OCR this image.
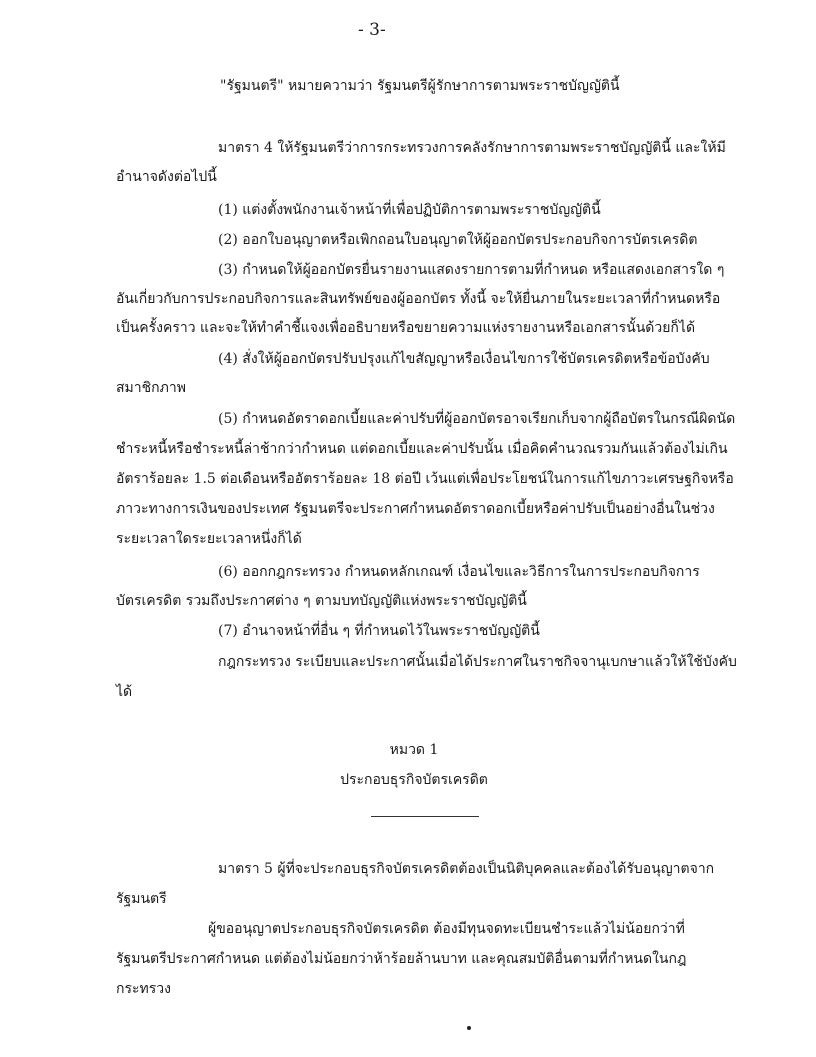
- 3-
"รัฐมนตรี" หมายความว่า รัฐมนตรีผู้รักษาการตามพระราชบัญญัตินี้
มาตรา 4 ให้รัฐมนตรีว่าการกระทรวงการคลังรักษาการตามพระราชบัญญัตินี้ และให้มี
อำนาจดังต่อไปนี้
(1) แต่งตั้งพนักงานเจ้าหน้าที่เพื่อปฏิบัติการตามพระราชบัญญัตินี้
(2) ออกใบอนุญาตหรือเพิกถอนใบอนุญาตให้ผู้ออกบัตรประกอบกิจการบัตรเครดิต
(3) กำหนดให้ผู้ออกบัตรยื่นรายงานแสดงรายการตามที่กำหนด หรือแสดงเอกสารใด ๆ
อันเกี่ยวกับการประกอบกิจการและสินทรัพย์ของผู้ออกบัตร ทั้งนี้ จะให้ยื่นภายในระยะเวลาที่กำหนดหรือ
เป็นครั้งคราว และจะให้ทำคำชี้แจงเพื่ออธิบายหรือขยายความแห่งรายงานหรือเอกสารนั้นด้วยก็ได้
(4) สั่งให้ผู้ออกบัตรปรับปรุงแก้ไขสัญญาหรือเงื่อนไขการใช้บัตรเครดิตหรือข้อบังคับ
สมาชิกภาพ
(5) กำหนดอัตราดอกเบี้ยและค่าปรับที่ผู้ออกบัตรอาจเรียกเก็บจากผู้ถือบัตรในกรณีผิดนัด
ชำระหนี้หรือชำระหนี้ล่าช้ากว่ากำหนด แต่ดอกเบี้ยและค่าปรับนั้น เมื่อคิดคำนวณรวมกันแล้วต้องไม่เกิน
อัตราร้อยละ 1.5 ต่อเดือนหรืออัตราร้อยละ 18 ต่อปี เว้นแต่เพื่อประโยชน์ในการแก้ไขภาวะเศรษฐกิจหรือ
ภาวะทางการเงินของประเทศ รัฐมนตรีจะประกาศกำหนดอัตราดอกเบี้ยหรือค่าปรับเป็นอย่างอื่นในช่วง
ระยะเวลาใดระยะเวลาหนึ่งก็ได้
(6) ออกกฎกระทรวง กำหนดหลักเกณฑ์ เงื่อนไขและวิธีการในการประกอบกิจการ
บัตรเครดิต รวมถึงประกาศต่าง ๆ ตามบทบัญญัติแห่งพระราชบัญญัตินี้
(7) อำนาจหน้าที่อื่น ๆ ที่กำหนดไว้ในพระราชบัญญัตินี้
กฎกระทรวง ระเบียบและประกาศนั้นเมื่อได้ประกาศในราชกิจจานุเบกษาแล้วให้ใช้บังคับ
ได้
หมวด 1
ประกอบธุรกิจบัตรเครดิต
มาตรา 5 ผู้ที่จะประกอบธุรกิจบัตรเครดิตต้องเป็นนิติบุคคลและต้องได้รับอนุญาตจาก
รัฐมนตรี
ผู้ขออนุญาตประกอบธุรกิจบัตรเครดิต ต้องมีทุนจดทะเบียนชำระแล้วไม่น้อยกว่าที่
รัฐมนตรีประกาศกำหนด แต่ต้องไม่น้อยกว่าห้าร้อยล้านบาท และคุณสมบัติอื่นตามที่กำหนดในกฎ
กระทรวง
